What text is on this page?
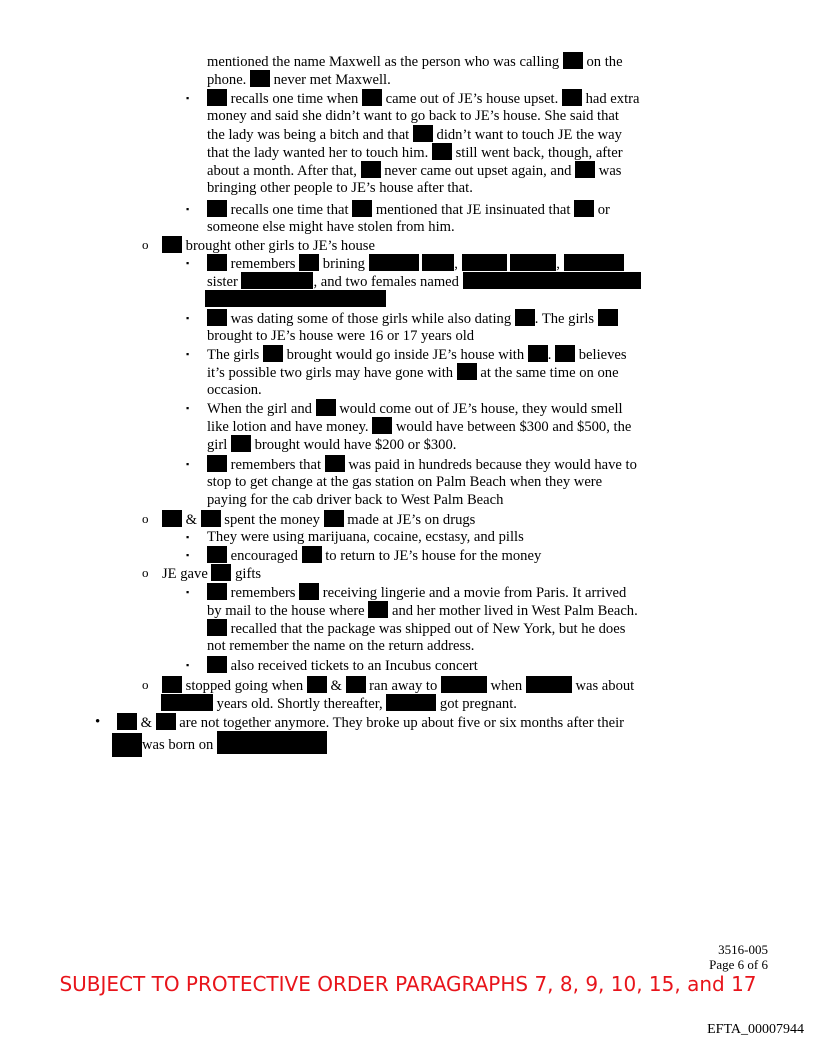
mentioned the name Maxwell as the person who was calling  on the
phone.  never met Maxwell.
▪	recalls one time when  came out of JE’s house upset.  had extra
money and said she didn’t want to go back to JE’s house. She said that
the lady was being a bitch and that  didn’t want to touch JE the way
that the lady wanted her to touch him.  still went back, though, after
about a month. After that,  never came out upset again, and  was
bringing other people to JE’s house after that.
▪	recalls one time that  mentioned that JE insinuated that  or
someone else might have stolen from him.
o	brought other girls to JE’s house
▪	remembers  brining	,	,
sister	, and two females named
▪	was dating some of those girls while also dating . The girls
brought to JE’s house were 16 or 17 years old
▪ The girls  brought would go inside JE’s house with .  believes
it’s possible two girls may have gone with  at the same time on one
occasion.
▪ When the girl and  would come out of JE’s house, they would smell
like lotion and have money.  would have between $300 and $500, the
girl  brought would have $200 or $300.
▪	remembers that  was paid in hundreds because they would have to
stop to get change at the gas station on Palm Beach when they were
paying for the cab driver back to West Palm Beach
o	&  spent the money  made at JE’s on drugs
▪ They were using marijuana, cocaine, ecstasy, and pills
▪	encouraged  to return to JE’s house for the money
o JE gave  gifts
▪	remembers  receiving lingerie and a movie from Paris. It arrived
by mail to the house where  and her mother lived in West Palm Beach.
recalled that the package was shipped out of New York, but he does
not remember the name on the return address.
▪	also received tickets to an Incubus concert
o	stopped going when  &  ran away to	when	was about
years old. Shortly thereafter,	got pregnant.
•	&  are not together anymore. They broke up about five or six months after their
was born on
3516-005
Page 6 of 6
SUBJECT TO PROTECTIVE ORDER PARAGRAPHS 7, 8, 9, 10, 15, and 17
EFTA_00007944
